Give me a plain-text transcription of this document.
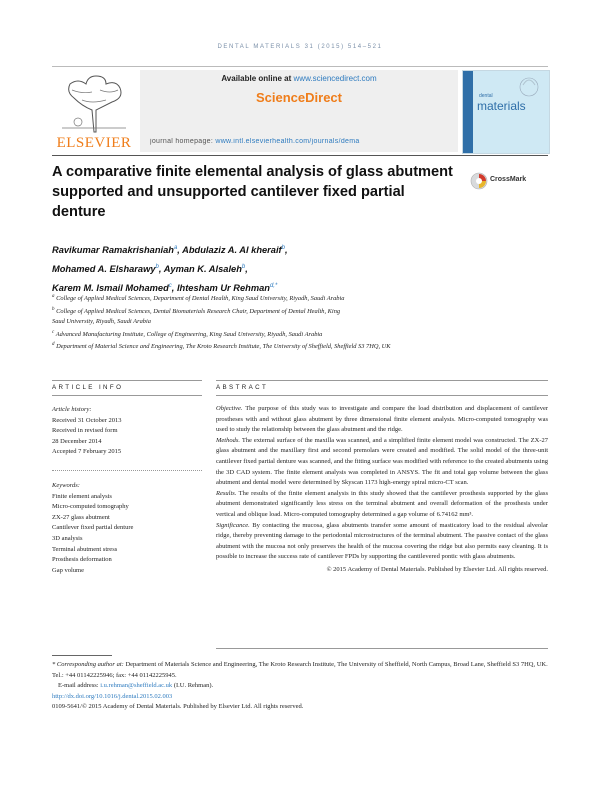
DENTAL MATERIALS 31 (2015) 514–521
ELSEVIER
Available online at www.sciencedirect.com
ScienceDirect
journal homepage: www.intl.elsevierhealth.com/journals/dema
dental
materials
A comparative finite elemental analysis of glass abutment supported and unsupported cantilever fixed partial denture
CrossMark
Ravikumar Ramakrishaniah$^a$, Abdulaziz A. Al kheraif$^b$,
Mohamed A. Elsharawy$^b$, Ayman K. Alsaleh$^b$,
Karem M. Ismail Mohamed$^c$, Ihtesham Ur Rehman$^{d,*}$
$^a$ College of Applied Medical Sciences, Department of Dental Health, King Saud University, Riyadh, Saudi Arabia
$^b$ College of Applied Medical Sciences, Dental Biomaterials Research Chair, Department of Dental Health, King Saud University, Riyadh, Saudi Arabia
$^c$ Advanced Manufacturing Institute, College of Engineering, King Saud University, Riyadh, Saudi Arabia
$^d$ Department of Material Science and Engineering, The Kroto Research Institute, The University of Sheffield, Sheffield S3 7HQ, UK
ARTICLE INFO	ABSTRACT
Article history:
Received 31 October 2013
Received in revised form
28 December 2014
Accepted 7 February 2015
Keywords:
Finite element analysis
Micro-computed tomography
ZX-27 glass abutment
Cantilever fixed partial denture
3D analysis
Terminal abutment stress
Prosthesis deformation
Gap volume

Objective. The purpose of this study was to investigate and compare the load distribution and displacement of cantilever prostheses with and without glass abutment by three dimensional finite element analysis. Micro-computed tomography was used to study the relationship between the glass abutment and the ridge.

Methods. The external surface of the maxilla was scanned, and a simplified finite element model was constructed. The ZX-27 glass abutment and the maxillary first and second premolars were created and modified. The solid model of the three-unit cantilever fixed partial denture was scanned, and the fitting surface was modified with reference to the created abutments using the 3D CAD system. The finite element analysis was completed in ANSYS. The fit and total gap volume between the glass abutment and dental model were determined by Skyscan 1173 high-energy spiral micro-CT scan.

Results. The results of the finite element analysis in this study showed that the cantilever prosthesis supported by the glass abutment demonstrated significantly less stress on the terminal abutment and overall deformation of the prosthesis under vertical and oblique load. Micro-computed tomography determined a gap volume of 6.74162 mm³.

Significance. By contacting the mucosa, glass abutments transfer some amount of masticatory load to the residual alveolar ridge, thereby preventing damage to the periodontal microstructures of the terminal abutment. The passive contact of the glass abutment with the mucosa not only preserves the health of the mucosa covering the ridge but also permits easy cleaning. It is possible to increase the success rate of cantilever FPDs by supporting the cantilevered pontic with glass abutments.

© 2015 Academy of Dental Materials. Published by Elsevier Ltd. All rights reserved.

* Corresponding author at: Department of Materials Science and Engineering, The Kroto Research Institute, The University of Sheffield, North Campus, Broad Lane, Sheffield S3 7HQ, UK. Tel.: +44 01142225946; fax: +44 01142225945.
E-mail address: i.u.rehman@sheffield.ac.uk (I.U. Rehman).
http://dx.doi.org/10.1016/j.dental.2015.02.003
0109-5641/© 2015 Academy of Dental Materials. Published by Elsevier Ltd. All rights reserved.
